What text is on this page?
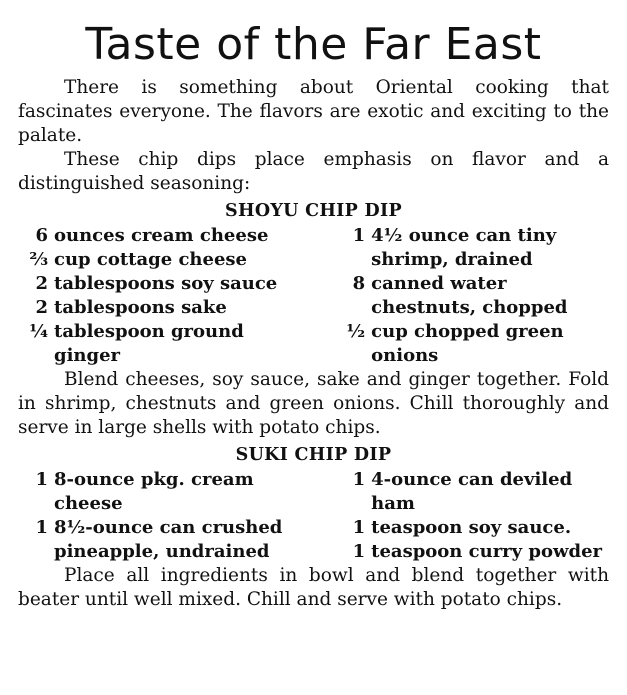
Taste of the Far East

There is something about Oriental cooking that fascinates everyone. The flavors are exotic and exciting to the palate.

These chip dips place emphasis on flavor and a distinguished seasoning:

SHOYU CHIP DIP
6 ounces cream cheese
⅔ cup cottage cheese
2 tablespoons soy sauce
2 tablespoons sake
¼ tablespoon ground ginger
1 4½ ounce can tiny shrimp, drained
8 canned water chestnuts, chopped
½ cup chopped green onions

Blend cheeses, soy sauce, sake and ginger together. Fold in shrimp, chestnuts and green onions. Chill thoroughly and serve in large shells with potato chips.

SUKI CHIP DIP
1 8-ounce pkg. cream cheese
1 8½-ounce can crushed pineapple, undrained
1 4-ounce can deviled ham
1 teaspoon soy sauce.
1 teaspoon curry powder

Place all ingredients in bowl and blend together with beater until well mixed. Chill and serve with potato chips.
